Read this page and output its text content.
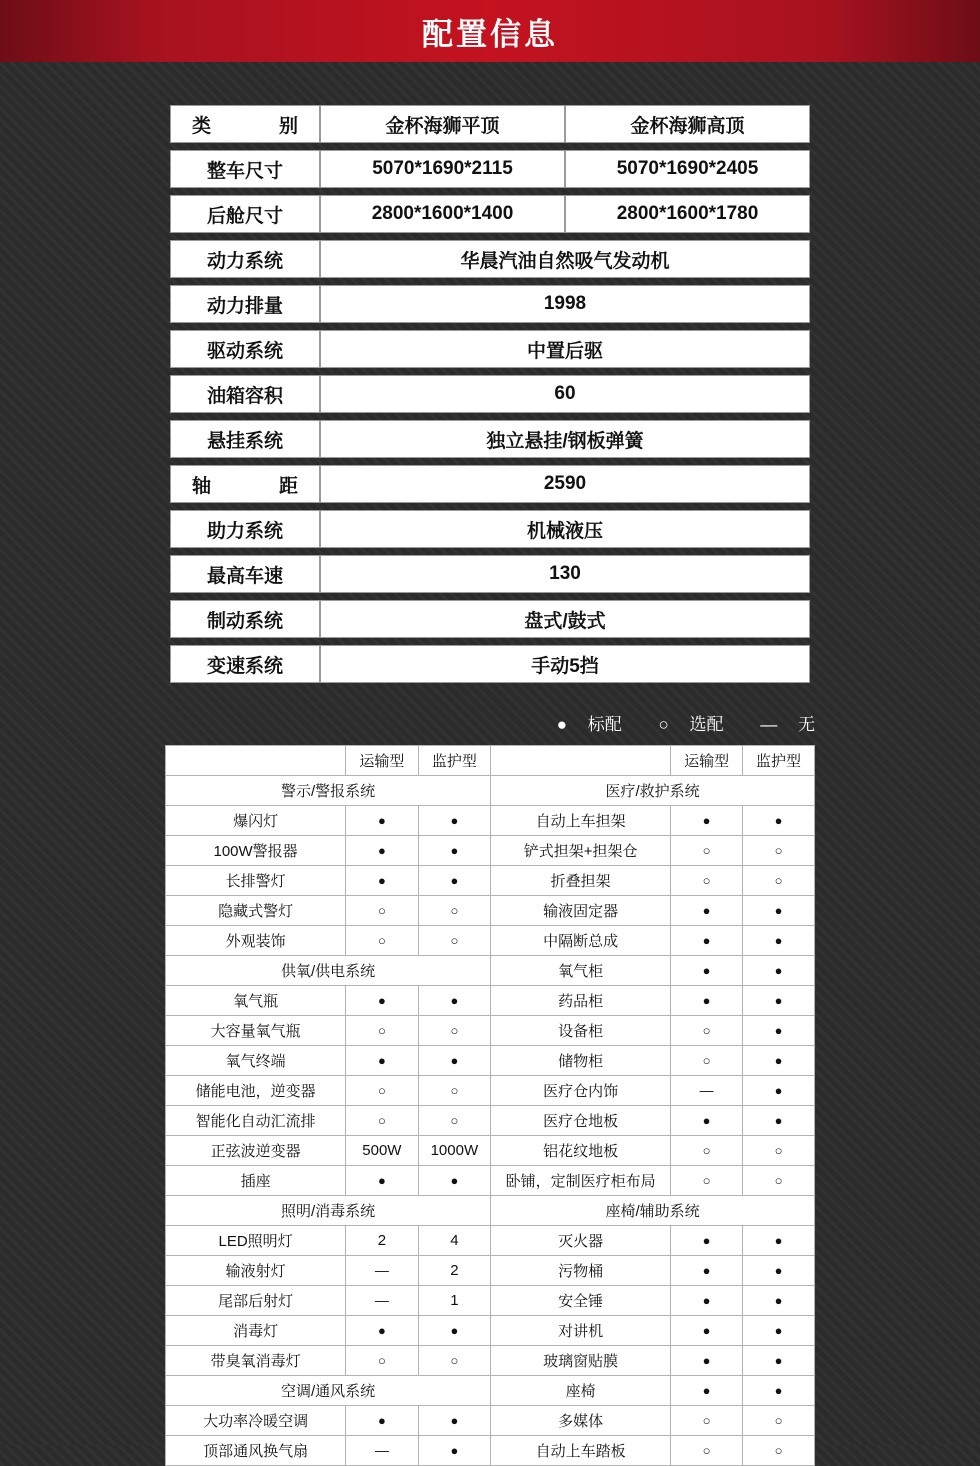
配置信息
类　　别	金杯海狮平顶	金杯海狮高顶
整车尺寸	5070*1690*2115	5070*1690*2405
后舱尺寸	2800*1600*1400	2800*1600*1780
动力系统	华晨汽油自然吸气发动机	
动力排量	1998	
驱动系统	中置后驱	
油箱容积	60	
悬挂系统	独立悬挂/钢板弹簧	
轴　　距	2590	
助力系统	机械液压	
最高车速	130	
制动系统	盘式/鼓式	
变速系统	手动5挡	
● 标配 ○ 选配 — 无
	运输型	监护型		运输型	监护型
警示/警报系统			医疗/救护系统		
爆闪灯	●	●	自动上车担架	●	●
100W警报器	●	●	铲式担架+担架仓	○	○
长排警灯	●	●	折叠担架	○	○
隐藏式警灯	○	○	输液固定器	●	●
外观装饰	○	○	中隔断总成	●	●
供氧/供电系统			氧气柜	●	●
氧气瓶	●	●	药品柜	●	●
大容量氧气瓶	○	○	设备柜	○	●
氧气终端	●	●	储物柜	○	●
储能电池，逆变器	○	○	医疗仓内饰	—	●
智能化自动汇流排	○	○	医疗仓地板	●	●
正弦波逆变器	500W	1000W	铝花纹地板	○	○
插座	●	●	卧铺，定制医疗柜布局	○	○
照明/消毒系统			座椅/辅助系统		
LED照明灯	2	4	灭火器	●	●
输液射灯	—	2	污物桶	●	●
尾部后射灯	—	1	安全锤	●	●
消毒灯	●	●	对讲机	●	●
带臭氧消毒灯	○	○	玻璃窗贴膜	●	●
空调/通风系统			座椅	●	●
大功率冷暖空调	●	●	多媒体	○	○
顶部通风换气扇	—	●	自动上车踏板	○	○
